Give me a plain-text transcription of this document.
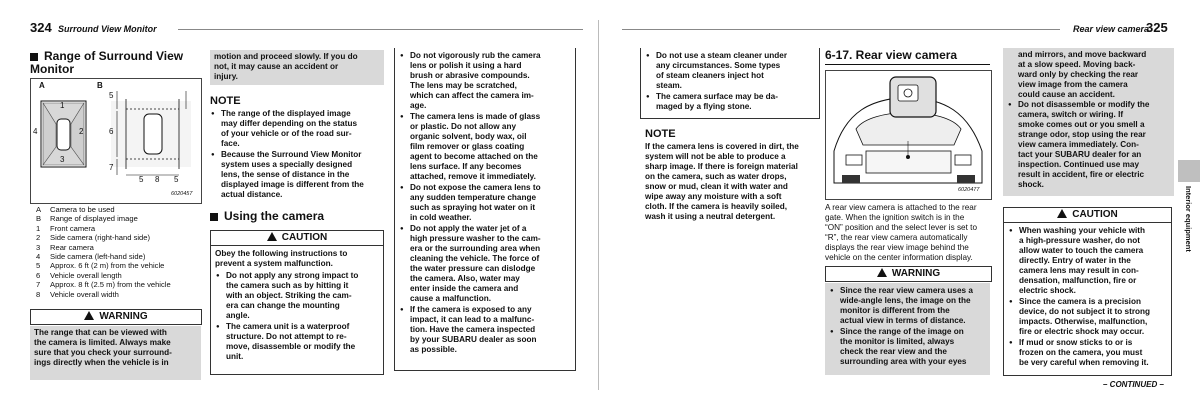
324 Surround View Monitor
Range of Surround View Monitor
A	B
1
2
3
4
5
6
7
5 8 5
6020457
A Camera to be used
B Range of displayed image
1 Front camera
2 Side camera (right-hand side)
3 Rear camera
4 Side camera (left-hand side)
5 Approx. 6 ft (2 m) from the vehicle
6 Vehicle overall length
7 Approx. 8 ft (2.5 m) from the vehicle
8 Vehicle overall width
WARNING
The range that can be viewed with
the camera is limited. Always make
sure that you check your surround-
ings directly when the vehicle is in
motion and proceed slowly. If you do
not, it may cause an accident or
injury.
NOTE
● The range of the displayed image
may differ depending on the status
of your vehicle or of the road sur-
face.
● Because the Surround View Monitor
system uses a specially designed
lens, the sense of distance in the
displayed image is different from the
actual distance.
Using the camera
CAUTION
Obey the following instructions to
prevent a system malfunction.
● Do not apply any strong impact to
the camera such as by hitting it
with an object. Striking the cam-
era can change the mounting
angle.
● The camera unit is a waterproof
structure. Do not attempt to re-
move, disassemble or modify the
unit.
● Do not vigorously rub the camera
lens or polish it using a hard
brush or abrasive compounds.
The lens may be scratched,
which can affect the camera im-
age.
● The camera lens is made of glass
or plastic. Do not allow any
organic solvent, body wax, oil
film remover or glass coating
agent to become attached on the
lens surface. If any becomes
attached, remove it immediately.
● Do not expose the camera lens to
any sudden temperature change
such as spraying hot water on it
in cold weather.
● Do not apply the water jet of a
high pressure washer to the cam-
era or the surrounding area when
cleaning the vehicle. The force of
the water pressure can dislodge
the camera. Also, water may
enter inside the camera and
cause a malfunction.
● If the camera is exposed to any
impact, it can lead to a malfunc-
tion. Have the camera inspected
by your SUBARU dealer as soon
as possible.
Rear view camera
325
● Do not use a steam cleaner under
any circumstances. Some types
of steam cleaners inject hot
steam.
● The camera surface may be da-
maged by a flying stone.
NOTE
If the camera lens is covered in dirt, the
system will not be able to produce a
sharp image. If there is foreign material
on the camera, such as water drops,
snow or mud, clean it with water and
wipe away any moisture with a soft
cloth. If the camera is heavily soiled,
wash it using a neutral detergent.
6-17. Rear view camera
6020477
A rear view camera is attached to the rear
gate. When the ignition switch is in the
“ON” position and the select lever is set to
“R”, the rear view camera automatically
displays the rear view image behind the
vehicle on the center information display.
WARNING
● Since the rear view camera uses a
wide-angle lens, the image on the
monitor is different from the
actual view in terms of distance.
● Since the range of the image on
the monitor is limited, always
check the rear view and the
surrounding area with your eyes
and mirrors, and move backward
at a slow speed. Moving back-
ward only by checking the rear
view image from the camera
could cause an accident.
● Do not disassemble or modify the
camera, switch or wiring. If
smoke comes out or you smell a
strange odor, stop using the rear
view camera immediately. Con-
tact your SUBARU dealer for an
inspection. Continued use may
result in accident, fire or electric
shock.
CAUTION
● When washing your vehicle with
a high-pressure washer, do not
allow water to touch the camera
directly. Entry of water in the
camera lens may result in con-
densation, malfunction, fire or
electric shock.
● Since the camera is a precision
device, do not subject it to strong
impacts. Otherwise, malfunction,
fire or electric shock may occur.
● If mud or snow sticks to or is
frozen on the camera, you must
be very careful when removing it.
– CONTINUED –
Interior equipment
